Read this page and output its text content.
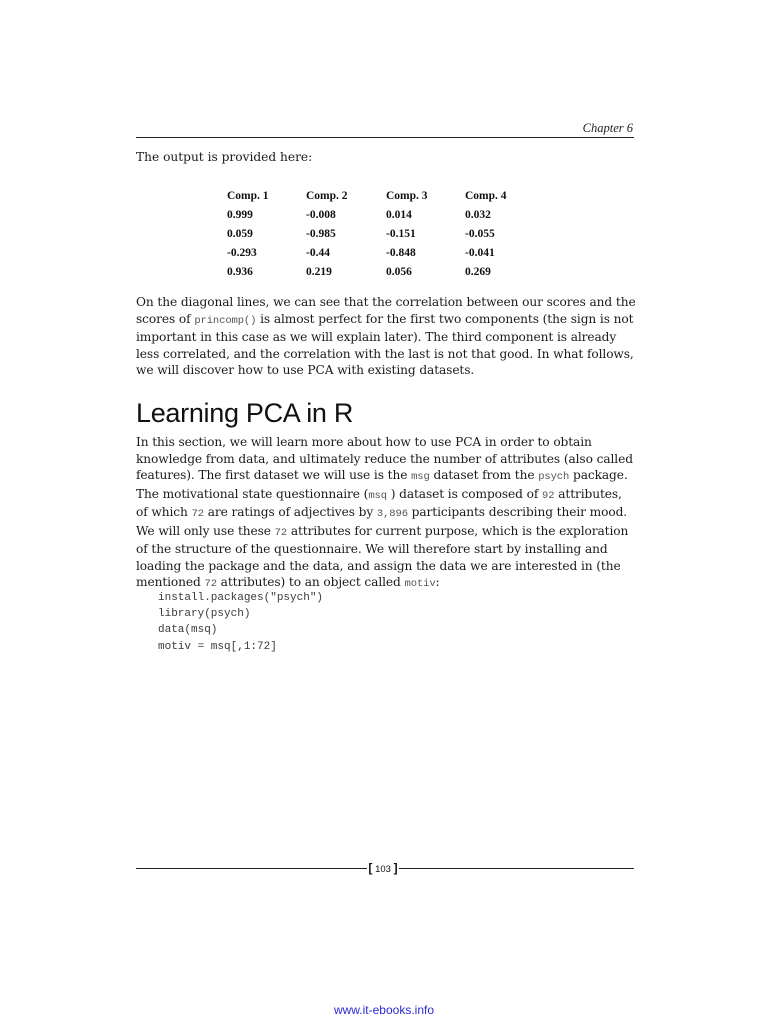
Chapter 6
The output is provided here:
Comp. 1	Comp. 2	Comp. 3	Comp. 4
0.999	-0.008	0.014	0.032
0.059	-0.985	-0.151	-0.055
-0.293	-0.44	-0.848	-0.041
0.936	0.219	0.056	0.269

On the diagonal lines, we can see that the correlation between our scores and the scores of princomp() is almost perfect for the first two components (the sign is not important in this case as we will explain later). The third component is already less correlated, and the correlation with the last is not that good. In what follows, we will discover how to use PCA with existing datasets.

Learning PCA in R

In this section, we will learn more about how to use PCA in order to obtain knowledge from data, and ultimately reduce the number of attributes (also called features). The first dataset we will use is the msg dataset from the psych package. The motivational state questionnaire (msq ) dataset is composed of 92 attributes, of which 72 are ratings of adjectives by 3,896 participants describing their mood. We will only use these 72 attributes for current purpose, which is the exploration of the structure of the questionnaire. We will therefore start by installing and loading the package and the data, and assign the data we are interested in (the mentioned 72 attributes) to an object called motiv:

install.packages("psych")
library(psych)
data(msq)
motiv = msq[,1:72]
[ 103 ]
www.it-ebooks.info
